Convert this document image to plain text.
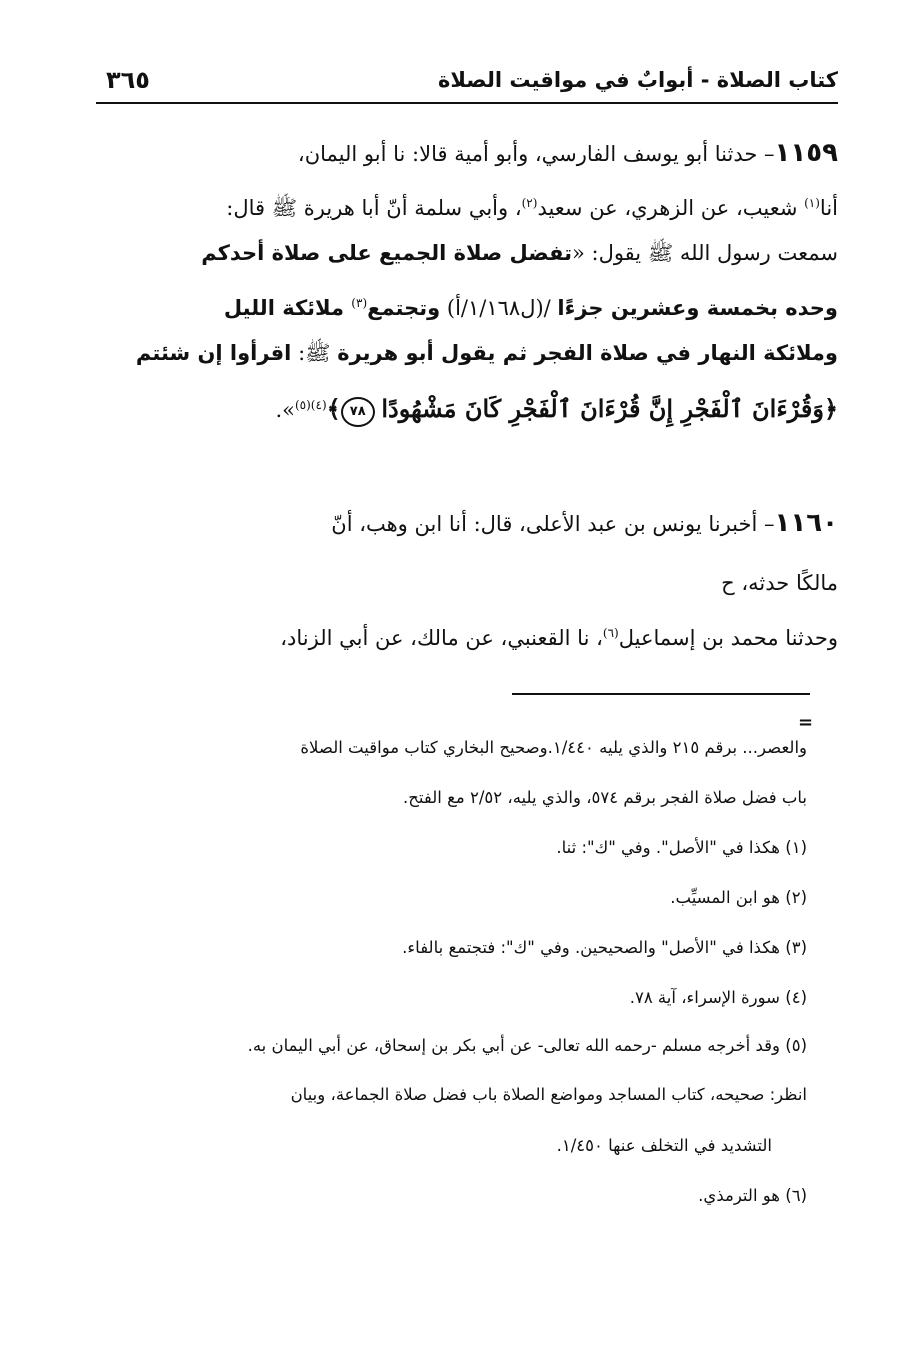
كتاب الصلاة - أبوابٌ في مواقيت الصلاة
٣٦٥
١١٥٩– حدثنا أبو يوسف الفارسي، وأبو أمية قالا: نا أبو اليمان،
أنا$^{(١)}$ شعيب، عن الزهري، عن سعيد$^{(٢)}$، وأبي سلمة أنّ أبا هريرة ﷺ قال:
سمعت رسول الله ﷺ يقول: «تفضل صلاة الجميع على صلاة أحدكم
وحده بخمسة وعشرين جزءًا /(ل١/١٦٨/أ) وتجتمع$^{(٣)}$ ملائكة الليل
وملائكة النهار في صلاة الفجر ثم يقول أبو هريرة ﷺ: اقرأوا إن شئتم
﴿وَقُرْءَانَ ٱلْفَجْرِ إِنَّ قُرْءَانَ ٱلْفَجْرِ كَانَ مَشْهُودًا ٧٨﴾$^{(٤)(٥)}$».
١١٦٠– أخبرنا يونس بن عبد الأعلى، قال: أنا ابن وهب، أنّ
مالكًا حدثه، ح
وحدثنا محمد بن إسماعيل$^{(٦)}$، نا القعنبي، عن مالك، عن أبي الزناد،
=
والعصر... برقم ٢١٥ والذي يليه ١/٤٤٠.وصحيح البخاري كتاب مواقيت الصلاة
باب فضل صلاة الفجر برقم ٥٧٤، والذي يليه، ٢/٥٢ مع الفتح.
(١) هكذا في "الأصل". وفي "ك": ثنا.
(٢) هو ابن المسيِّب.
(٣) هكذا في "الأصل" والصحيحين. وفي "ك": فتجتمع بالفاء.
(٤) سورة الإسراء، آية ٧٨.
(٥) وقد أخرجه مسلم -رحمه الله تعالى- عن أبي بكر بن إسحاق، عن أبي اليمان به.
انظر: صحيحه، كتاب المساجد ومواضع الصلاة باب فضل صلاة الجماعة، وبيان
التشديد في التخلف عنها ١/٤٥٠.
(٦) هو الترمذي.
